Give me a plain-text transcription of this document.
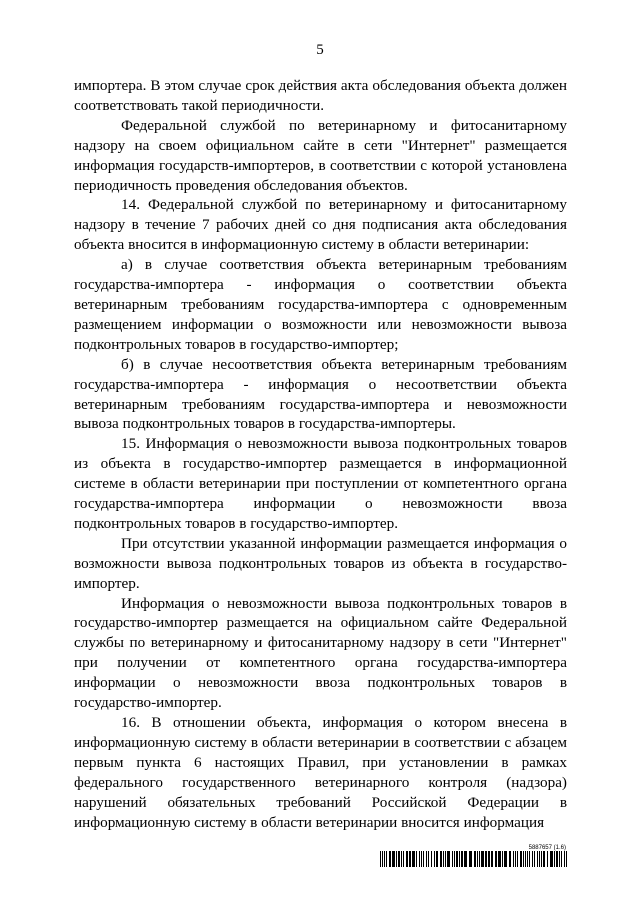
5

импортера. В этом случае срок действия акта обследования объекта должен соответствовать такой периодичности.

Федеральной службой по ветеринарному и фитосанитарному надзору на своем официальном сайте в сети "Интернет" размещается информация государств-импортеров, в соответствии с которой установлена периодичность проведения обследования объектов.

14. Федеральной службой по ветеринарному и фитосанитарному надзору в течение 7 рабочих дней со дня подписания акта обследования объекта вносится в информационную систему в области ветеринарии:

а) в случае соответствия объекта ветеринарным требованиям государства-импортера - информация о соответствии объекта ветеринарным требованиям государства-импортера с одновременным размещением информации о возможности или невозможности вывоза подконтрольных товаров в государство-импортер;

б) в случае несоответствия объекта ветеринарным требованиям государства-импортера - информация о несоответствии объекта ветеринарным требованиям государства-импортера и невозможности вывоза подконтрольных товаров в государства-импортеры.

15. Информация о невозможности вывоза подконтрольных товаров из объекта в государство-импортер размещается в информационной системе в области ветеринарии при поступлении от компетентного органа государства-импортера информации о невозможности ввоза подконтрольных товаров в государство-импортер.

При отсутствии указанной информации размещается информация о возможности вывоза подконтрольных товаров из объекта в государство-импортер.

Информация о невозможности вывоза подконтрольных товаров в государство-импортер размещается на официальном сайте Федеральной службы по ветеринарному и фитосанитарному надзору в сети "Интернет" при получении от компетентного органа государства-импортера информации о невозможности ввоза подконтрольных товаров в государство-импортер.

16. В отношении объекта, информация о котором внесена в информационную систему в области ветеринарии в соответствии с абзацем первым пункта 6 настоящих Правил, при установлении в рамках федерального государственного ветеринарного контроля (надзора) нарушений обязательных требований Российской Федерации в информационную систему в области ветеринарии вносится информация

5887657 (1.6)
